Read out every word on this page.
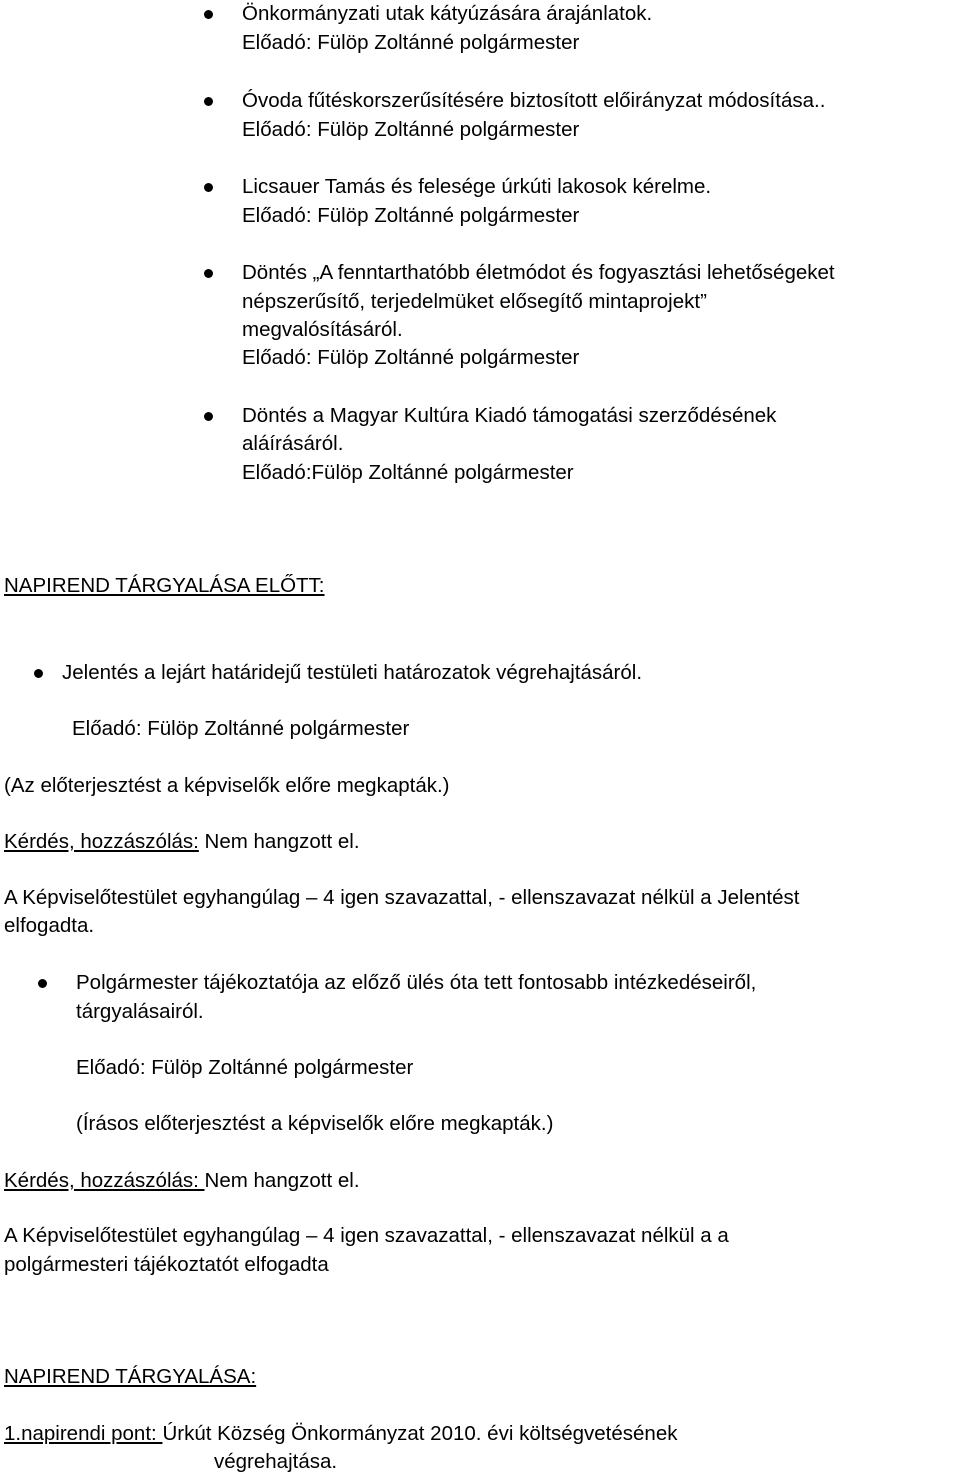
Önkormányzati utak kátyúzására árajánlatok.
Előadó: Fülöp Zoltánné polgármester
Óvoda fűtéskorszerűsítésére biztosított előirányzat módosítása..
Előadó: Fülöp Zoltánné polgármester
Licsauer Tamás és felesége úrkúti lakosok kérelme.
Előadó: Fülöp Zoltánné polgármester
Döntés „A fenntarthatóbb életmódot és fogyasztási lehetőségeket
népszerűsítő, terjedelmüket elősegítő mintaprojekt”
megvalósításáról.
Előadó: Fülöp Zoltánné polgármester
Döntés a Magyar Kultúra Kiadó támogatási szerződésének
aláírásáról.
Előadó:Fülöp Zoltánné polgármester
NAPIREND TÁRGYALÁSA ELŐTT:
Jelentés a lejárt határidejű testületi határozatok végrehajtásáról.
Előadó: Fülöp Zoltánné polgármester
(Az előterjesztést a képviselők előre megkapták.)
Kérdés, hozzászólás: Nem hangzott el.
A Képviselőtestület egyhangúlag – 4 igen szavazattal, - ellenszavazat nélkül a Jelentést
elfogadta.
Polgármester tájékoztatója az előző ülés óta tett fontosabb intézkedéseiről,
tárgyalásairól.
Előadó: Fülöp Zoltánné polgármester
(Írásos előterjesztést a képviselők előre megkapták.)
Kérdés, hozzászólás: Nem hangzott el.
A Képviselőtestület egyhangúlag – 4 igen szavazattal, - ellenszavazat nélkül a a
polgármesteri tájékoztatót elfogadta
NAPIREND TÁRGYALÁSA:
1.napirendi pont: Úrkút Község Önkormányzat 2010. évi költségvetésének
végrehajtása.
